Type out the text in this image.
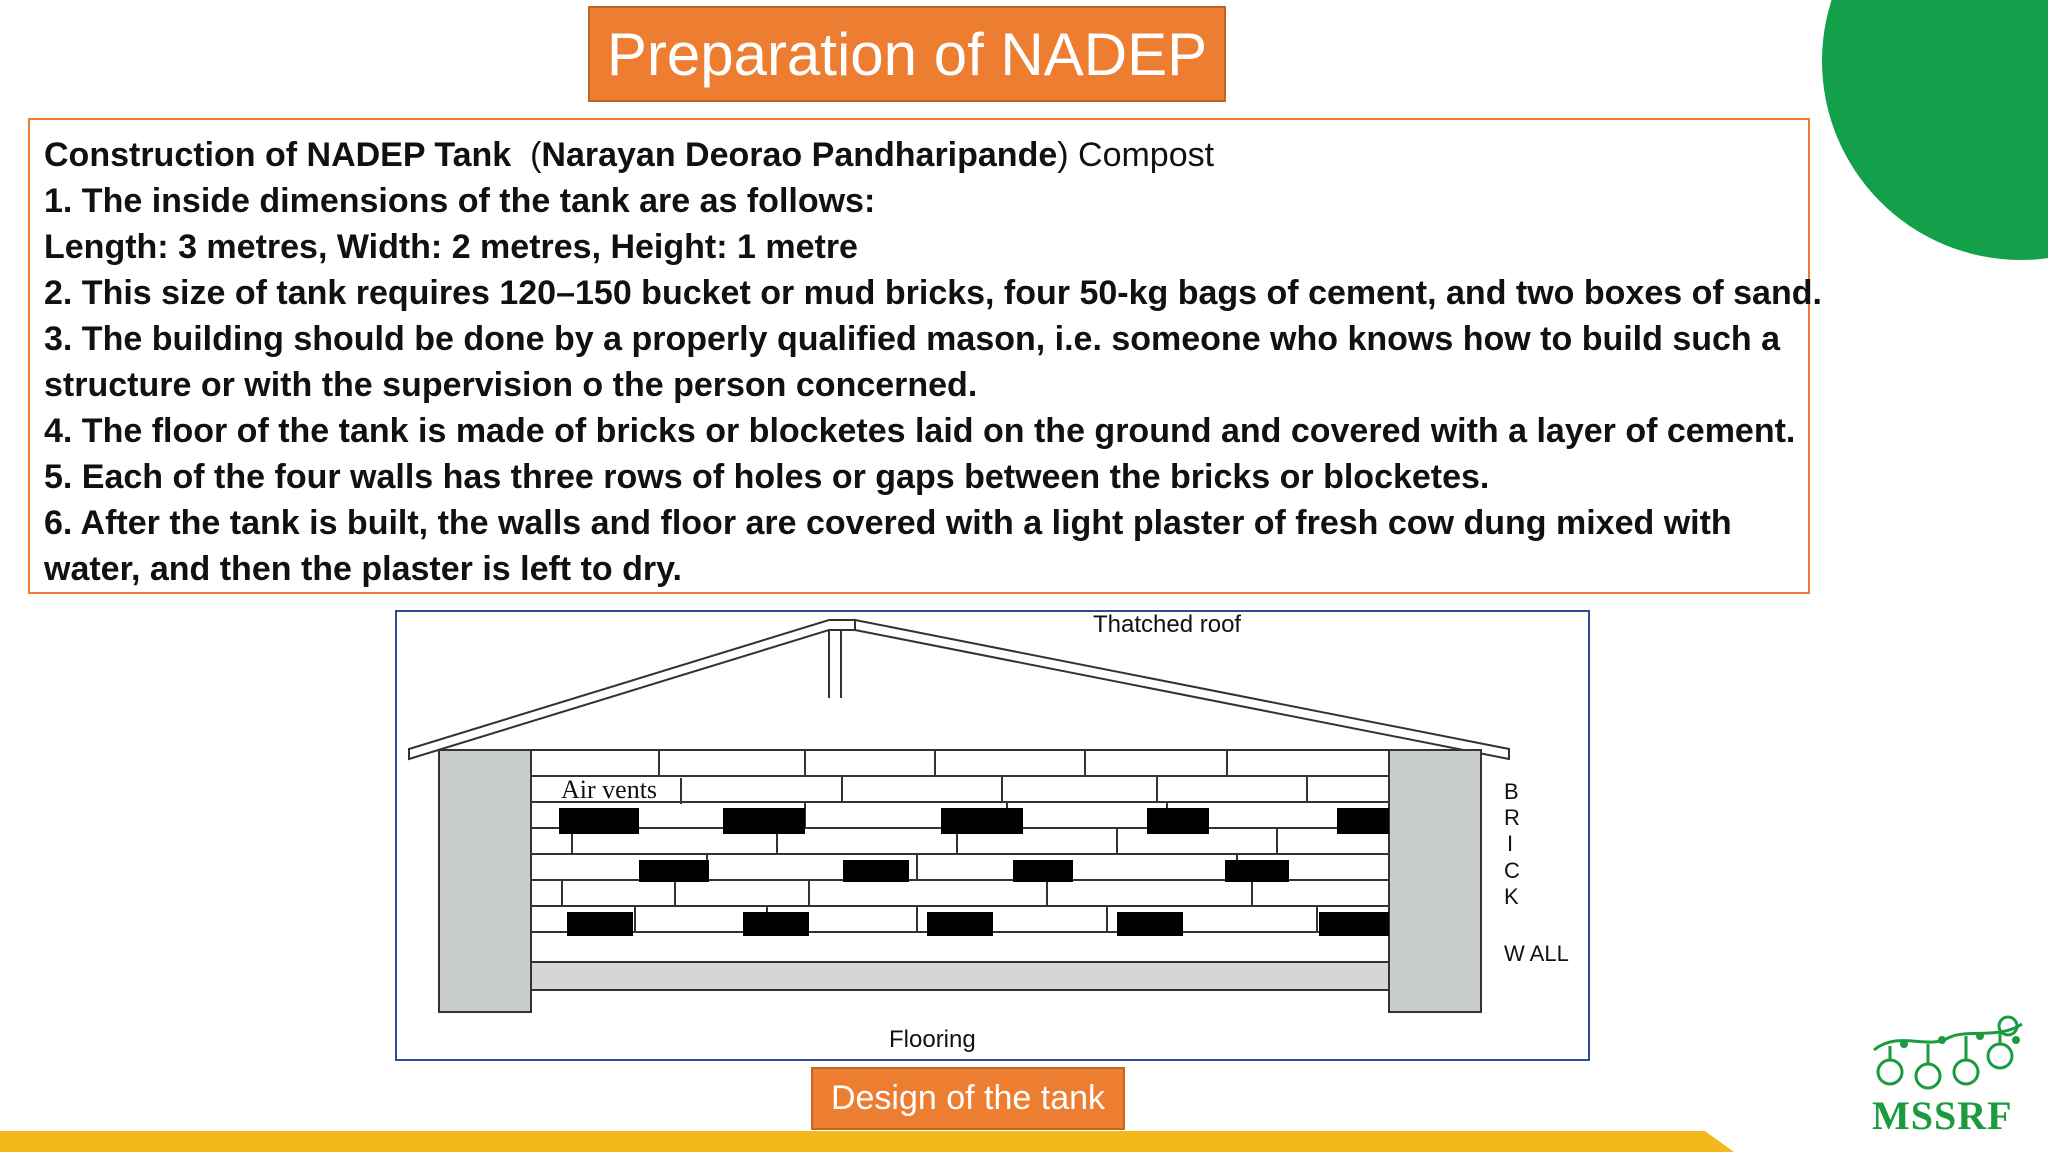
Preparation of NADEP
Construction of NADEP Tank  (Narayan Deorao Pandharipande) Compost
1. The inside dimensions of the tank are as follows:
Length: 3 metres, Width: 2 metres, Height: 1 metre
2. This size of tank requires 120–150 bucket or mud bricks, four 50-kg bags of cement, and two boxes of sand.
3. The building should be done by a properly qualified mason, i.e. someone who knows how to build such a structure or with the supervision o the person concerned.
4. The floor of the tank is made of bricks or blocketes laid on the ground and covered with a layer of cement.
5. Each of the four walls has three rows of holes or gaps between the bricks or blocketes.
6. After the tank is built, the walls and floor are covered with a light plaster of fresh cow dung mixed with water, and then the plaster is left to dry.
Thatched roof
Air vents	B
R
I
C
K
W ALL
Flooring
Design of the tank	MSSRF
